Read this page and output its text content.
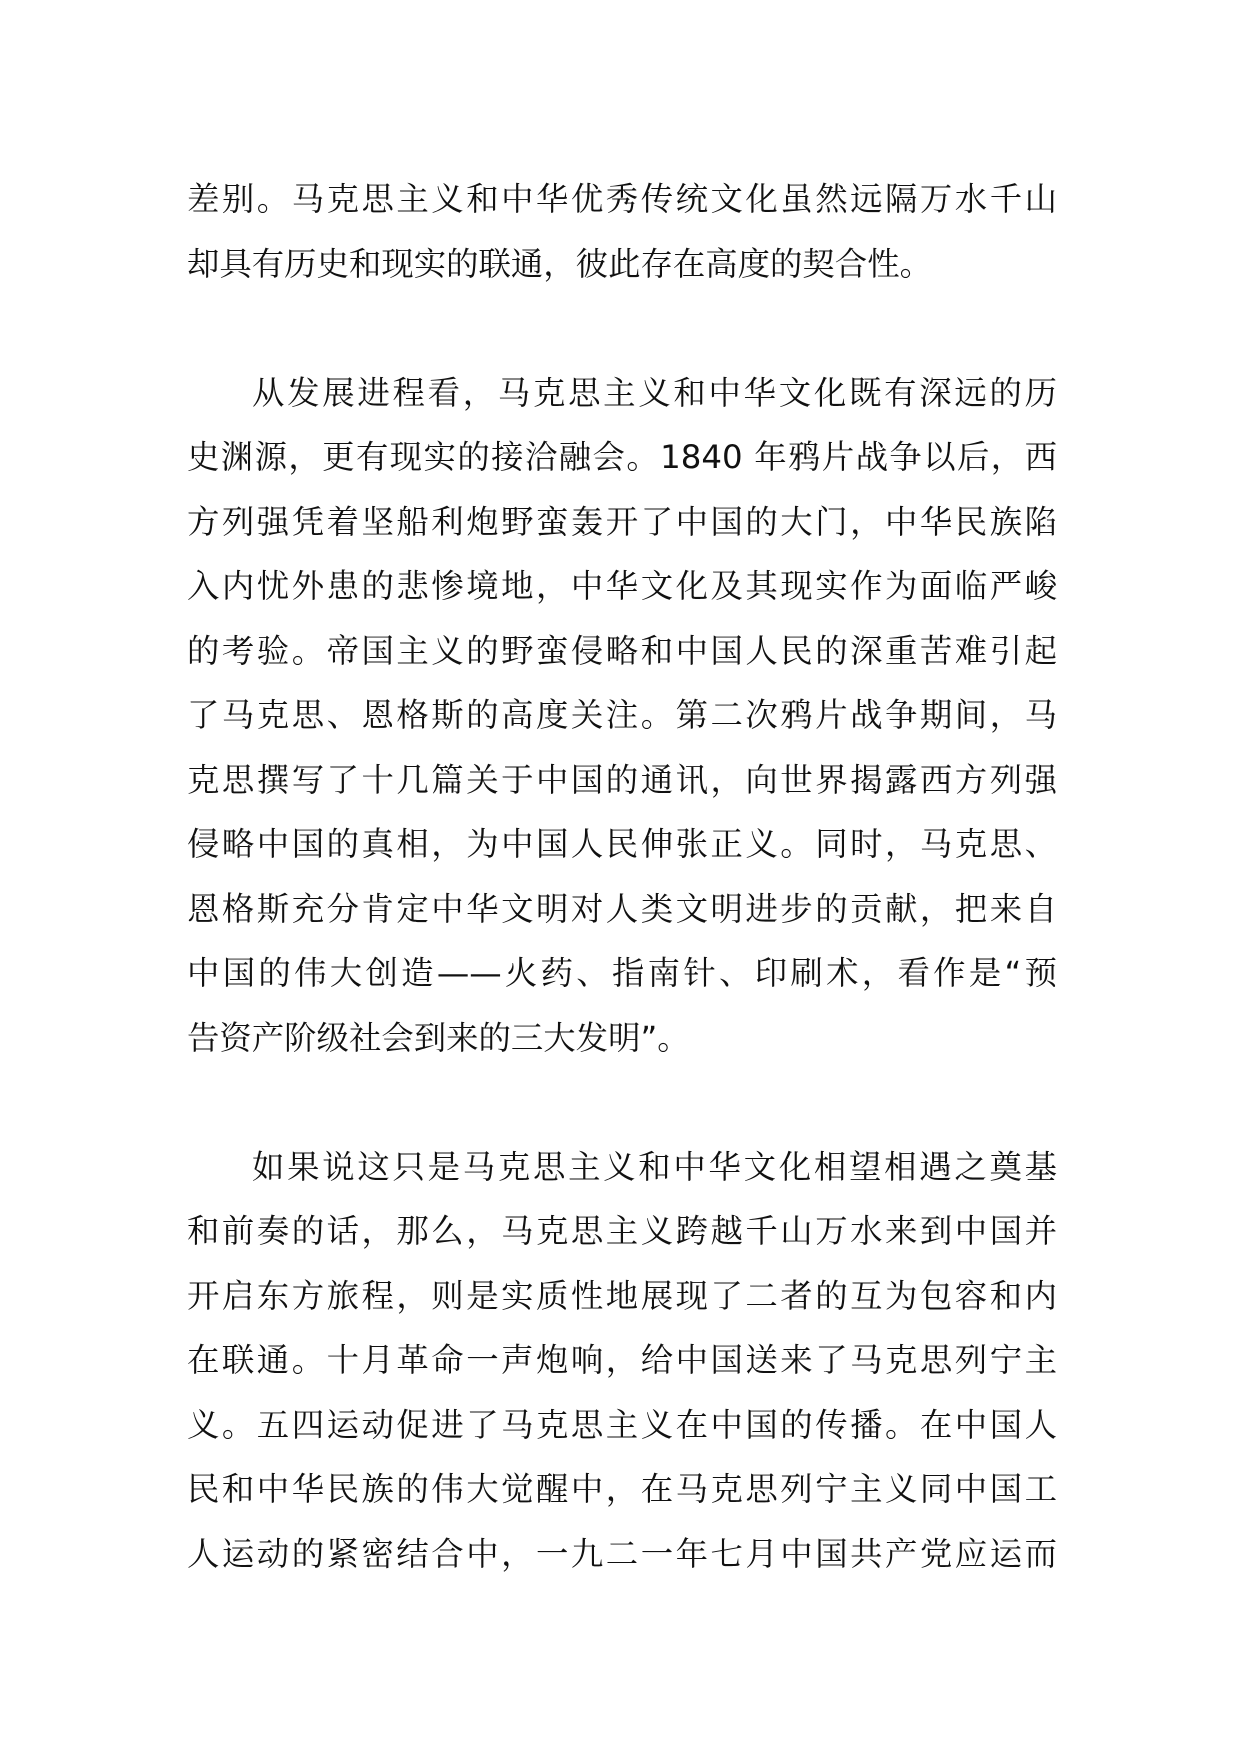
差别。马克思主义和中华优秀传统文化虽然远隔万水千山
却具有历史和现实的联通，彼此存在高度的契合性。
从发展进程看，马克思主义和中华文化既有深远的历
史渊源，更有现实的接洽融会。1840 年鸦片战争以后，西
方列强凭着坚船利炮野蛮轰开了中国的大门，中华民族陷
入内忧外患的悲惨境地，中华文化及其现实作为面临严峻
的考验。帝国主义的野蛮侵略和中国人民的深重苦难引起
了马克思、恩格斯的高度关注。第二次鸦片战争期间，马
克思撰写了十几篇关于中国的通讯，向世界揭露西方列强
侵略中国的真相，为中国人民伸张正义。同时，马克思、
恩格斯充分肯定中华文明对人类文明进步的贡献，把来自
中国的伟大创造——火药、指南针、印刷术，看作是“预
告资产阶级社会到来的三大发明”。
如果说这只是马克思主义和中华文化相望相遇之奠基
和前奏的话，那么，马克思主义跨越千山万水来到中国并
开启东方旅程，则是实质性地展现了二者的互为包容和内
在联通。十月革命一声炮响，给中国送来了马克思列宁主
义。五四运动促进了马克思主义在中国的传播。在中国人
民和中华民族的伟大觉醒中，在马克思列宁主义同中国工
人运动的紧密结合中，一九二一年七月中国共产党应运而
